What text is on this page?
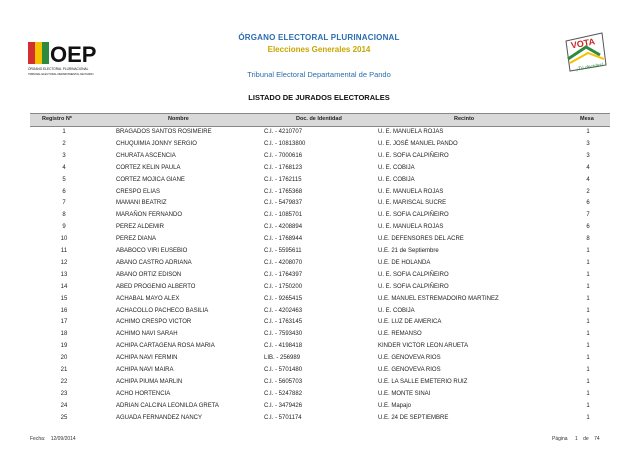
OEP
ÓRGANO ELECTORAL PLURINACIONAL
TRIBUNAL ELECTORAL DEPARTAMENTAL DE PANDO
VOTA
¡Tú decides!
ÓRGANO ELECTORAL PLURINACIONAL
Elecciones Generales 2014
Tribunal Electoral Departamental de Pando
LISTADO DE JURADOS ELECTORALES
Registro Nº	Nombre	Doc. de Identidad	Recinto	Mesa
1	BRAGADOS SANTOS ROSIMEIRE	C.I. - 4210707	U. E. MANUELA ROJAS	1
2	CHUQUIMIA JONNY SERGIO	C.I. - 10813800	U. E. JOSÉ MANUEL PANDO	3
3	CHURATA ASCENCIA	C.I. - 7000616	U. E. SOFIA CALPIÑEIRO	3
4	CORTEZ KELIN PAULA	C.I. - 1768123	U. E. COBIJA	4
5	CORTEZ MOJICA GIANE	C.I. - 1762115	U. E. COBIJA	4
6	CRESPO ELIAS	C.I. - 1765368	U. E. MANUELA ROJAS	2
7	MAMANI BEATRIZ	C.I. - 5479837	U. E. MARISCAL SUCRE	6
8	MARAÑON FERNANDO	C.I. - 1085701	U. E. SOFIA CALPIÑEIRO	7
9	PEREZ ALDEMIR	C.I. - 4208894	U. E. MANUELA ROJAS	6
10	PEREZ DIANA	C.I. - 1768944	U.E. DEFENSORES DEL ACRE	8
11	ABABOCO VIRI EUSEBIO	C.I. - 5595611	U.E. 21 de Septiembre	1
12	ABANO CASTRO ADRIANA	C.I. - 4208070	U.E. DE HOLANDA	1
13	ABANO ORTIZ EDISON	C.I. - 1764397	U. E. SOFIA CALPIÑEIRO	1
14	ABED PROGENIO ALBERTO	C.I. - 1750200	U. E. SOFIA CALPIÑEIRO	1
15	ACHABAL MAYO ALEX	C.I. - 9265415	U.E. MANUEL ESTREMADOIRO MARTINEZ	1
16	ACHACOLLO PACHECO BASILIA	C.I. - 4202463	U. E. COBIJA	1
17	ACHIMO CRESPO VICTOR	C.I. - 1763145	U.E. LUZ DE AMERICA	1
18	ACHIMO NAVI SARAH	C.I. - 7593430	U.E. REMANSO	1
19	ACHIPA CARTAGENA ROSA MARIA	C.I. - 4198418	KINDER VICTOR LEON ARUETA	1
20	ACHIPA NAVI FERMIN	LIB. - 256989	U.E. GENOVEVA RIOS	1
21	ACHIPA NAVI MAIRA	C.I. - 5701480	U.E. GENOVEVA RIOS	1
22	ACHIPA PIUMA MARLIN	C.I. - 5605703	U.E. LA SALLE EMETERIO RUIZ	1
23	ACHO HORTENCIA	C.I. - 5247882	U.E. MONTE SINAI	1
24	ADRIAN CALCINA LEONILDA GRETA	C.I. - 3479426	U.E. Mapajo	1
25	AGUADA FERNANDEZ NANCY	C.I. - 5701174	U.E. 24 DE SEPTIEMBRE	1
Fecha: 12/09/2014	Página 1 de 74
